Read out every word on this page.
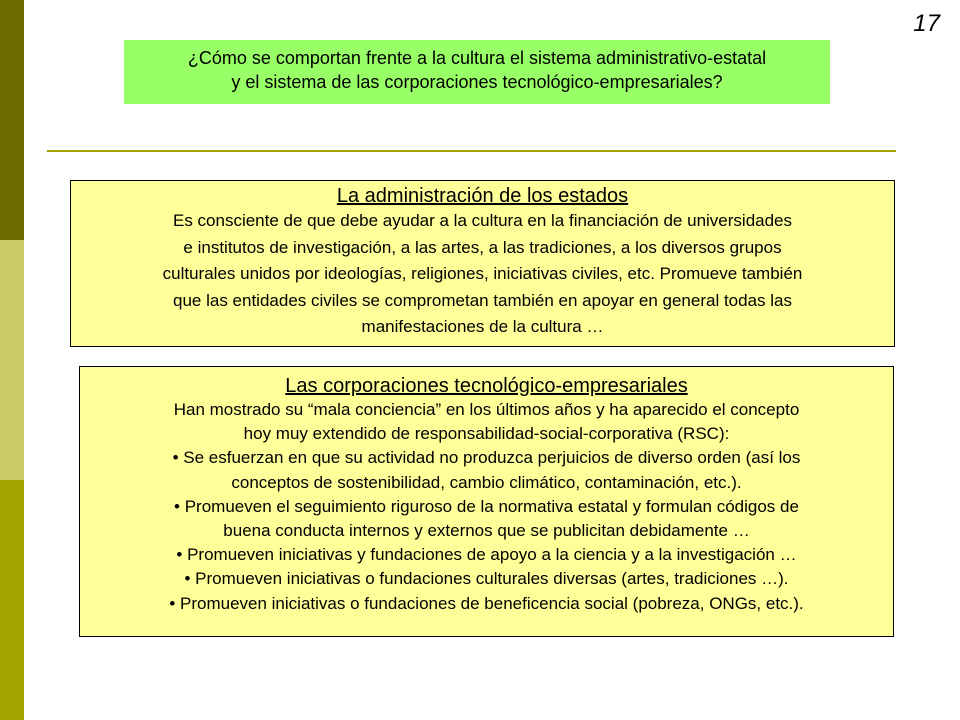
17
¿Cómo se comportan frente a la cultura el sistema administrativo-estatal
y el sistema de las corporaciones tecnológico-empresariales?
La administración de los estados
Es consciente de que debe ayudar a la cultura en la financiación de universidades
e institutos de investigación, a las artes, a las tradiciones, a los diversos grupos
culturales unidos por ideologías, religiones, iniciativas civiles, etc. Promueve también
que las entidades civiles se comprometan también en apoyar en general todas las
manifestaciones de la cultura …
Las corporaciones tecnológico-empresariales
Han mostrado su “mala conciencia” en los últimos años y ha aparecido el concepto
hoy muy extendido de responsabilidad-social-corporativa (RSC):
• Se esfuerzan en que su actividad no produzca perjuicios de diverso orden (así los
conceptos de sostenibilidad, cambio climático, contaminación, etc.).
• Promueven el seguimiento riguroso de la normativa estatal y formulan códigos de
buena conducta internos y externos que se publicitan debidamente …
• Promueven iniciativas y fundaciones de apoyo a la ciencia y a la investigación …
• Promueven iniciativas o fundaciones culturales diversas (artes, tradiciones …).
• Promueven iniciativas o fundaciones de beneficencia social (pobreza, ONGs, etc.).
